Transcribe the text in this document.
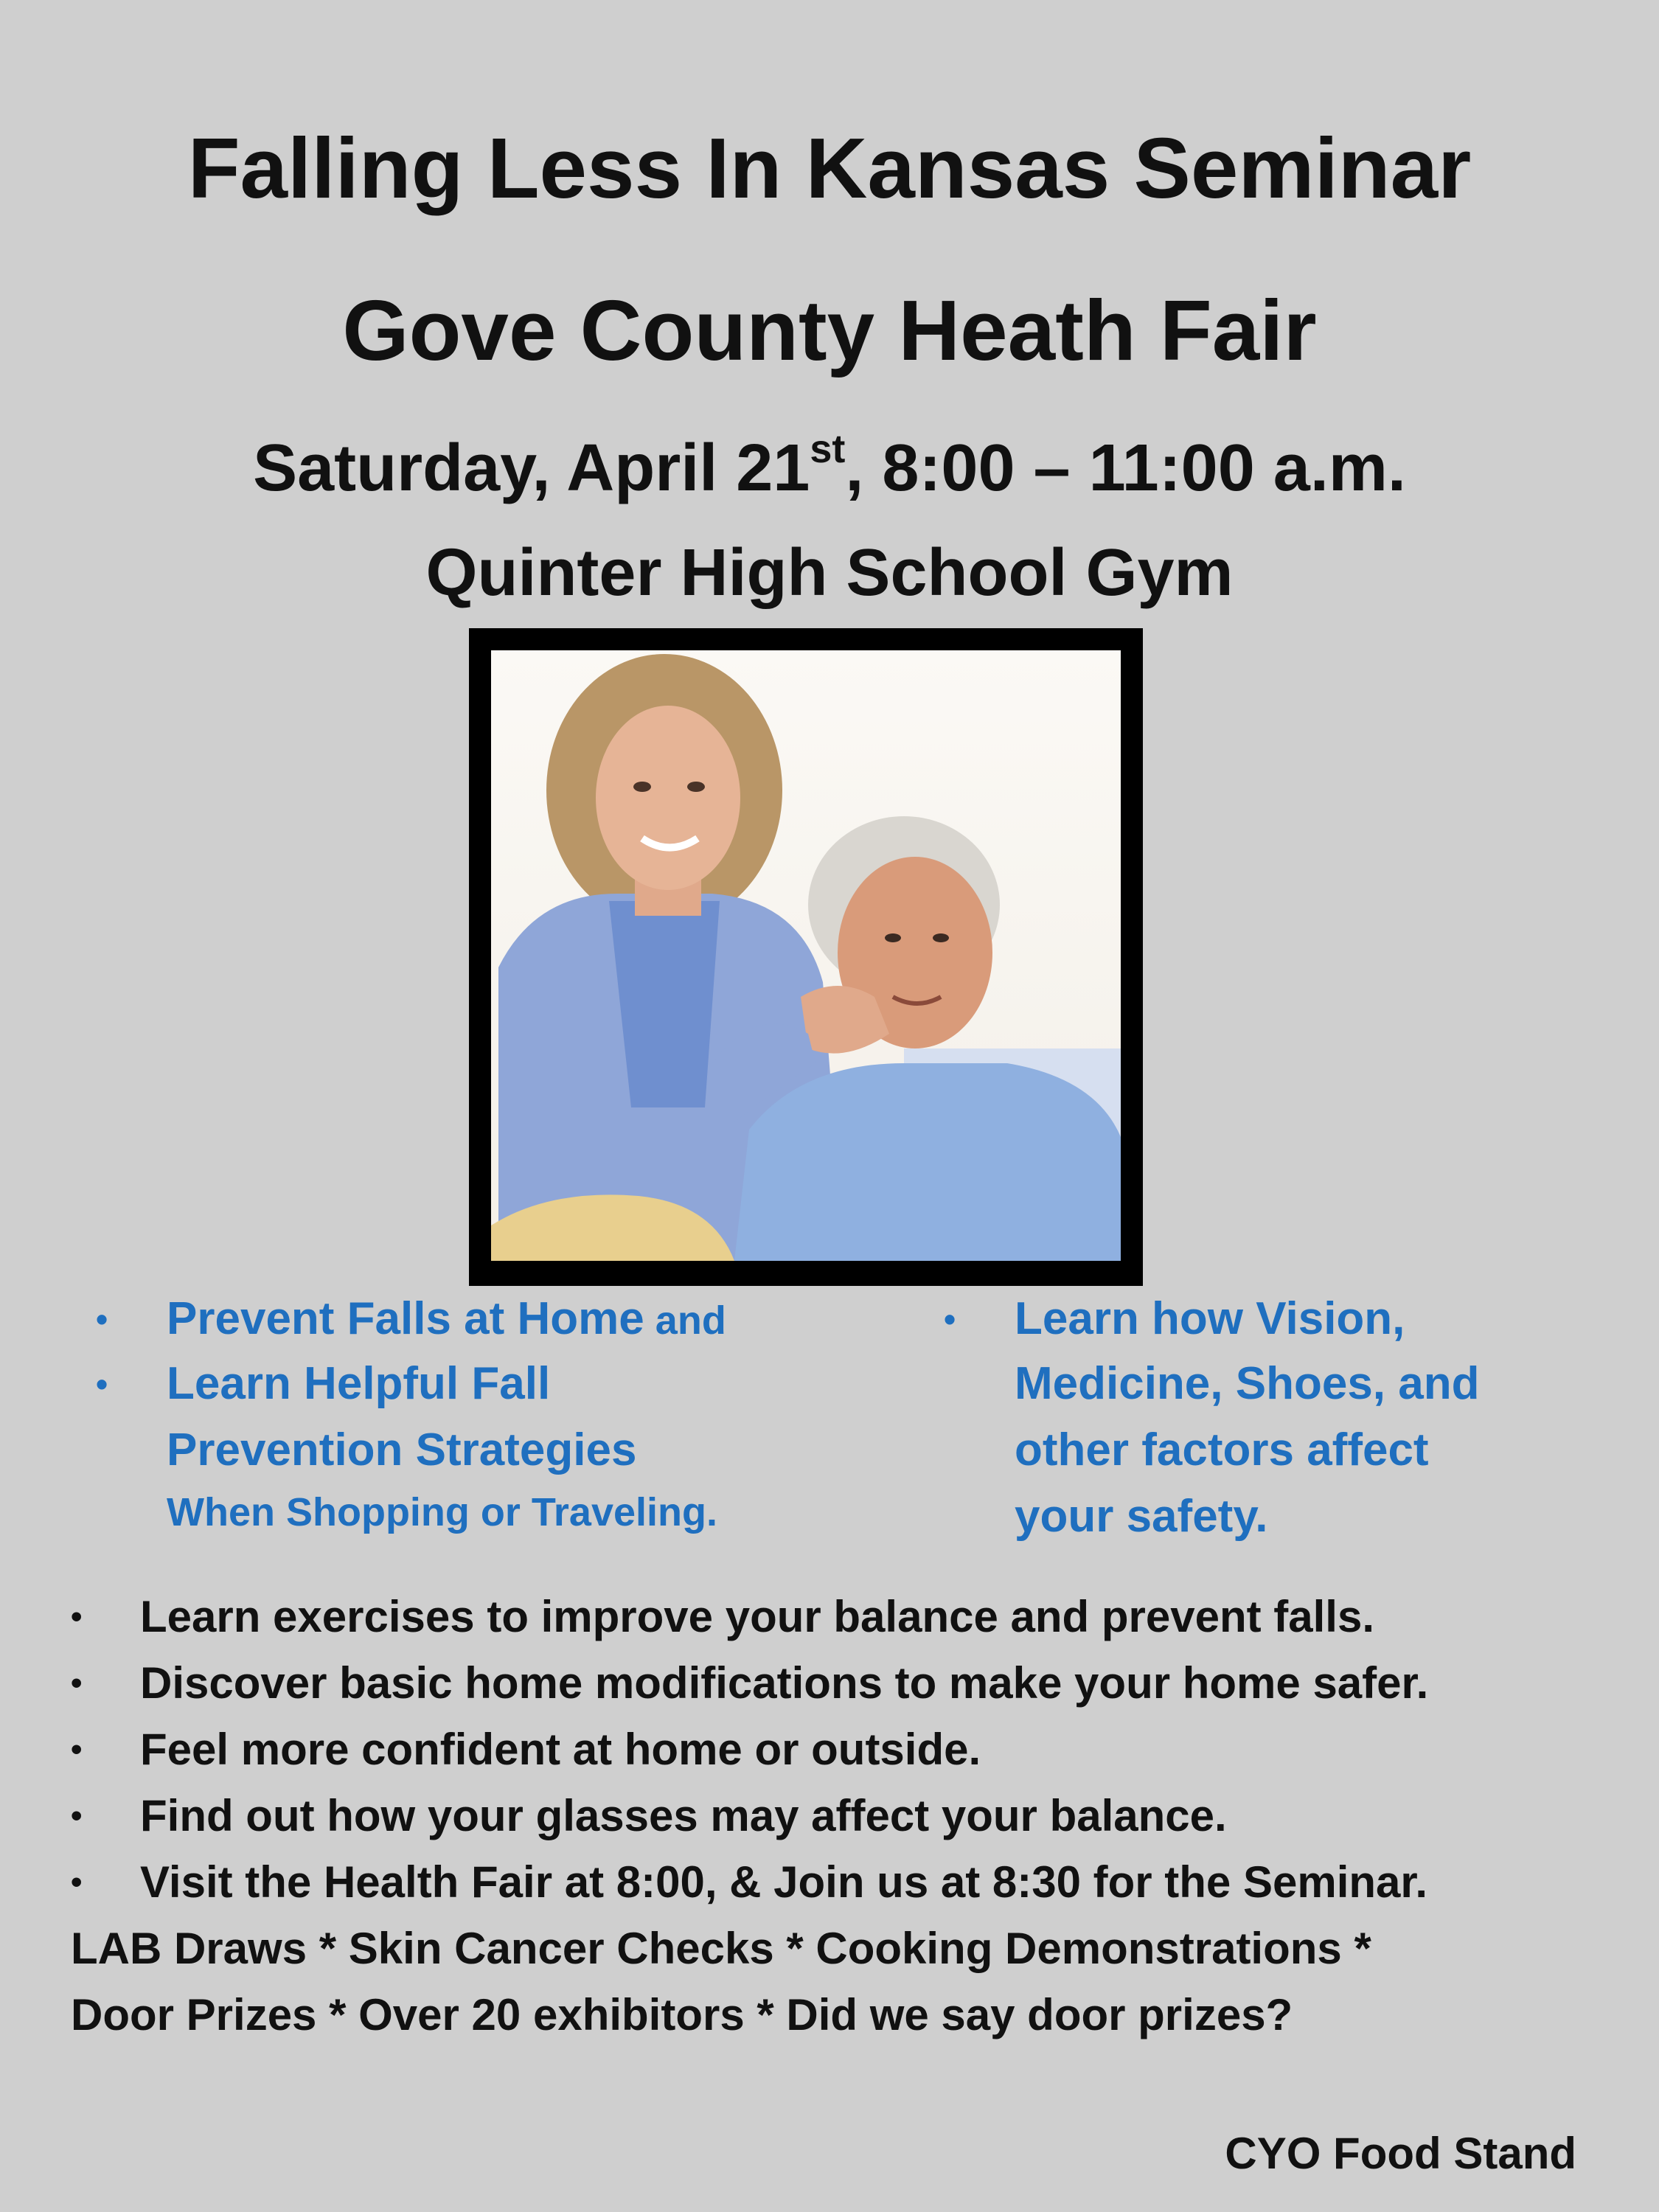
Falling Less In Kansas Seminar
Gove County Heath Fair
Saturday, April 21st, 8:00 – 11:00 a.m.
Quinter High School Gym
• Prevent Falls at Home and
• Learn Helpful Fall
Prevention Strategies
When Shopping or Traveling.
• Learn how Vision,
Medicine, Shoes, and
other factors affect
your safety.
• Learn exercises to improve your balance and prevent falls.
• Discover basic home modifications to make your home safer.
• Feel more confident at home or outside.
• Find out how your glasses may affect your balance.
• Visit the Health Fair at 8:00, & Join us at 8:30 for the Seminar.
LAB Draws * Skin Cancer Checks * Cooking Demonstrations *
Door Prizes * Over 20 exhibitors * Did we say door prizes?
CYO Food Stand
